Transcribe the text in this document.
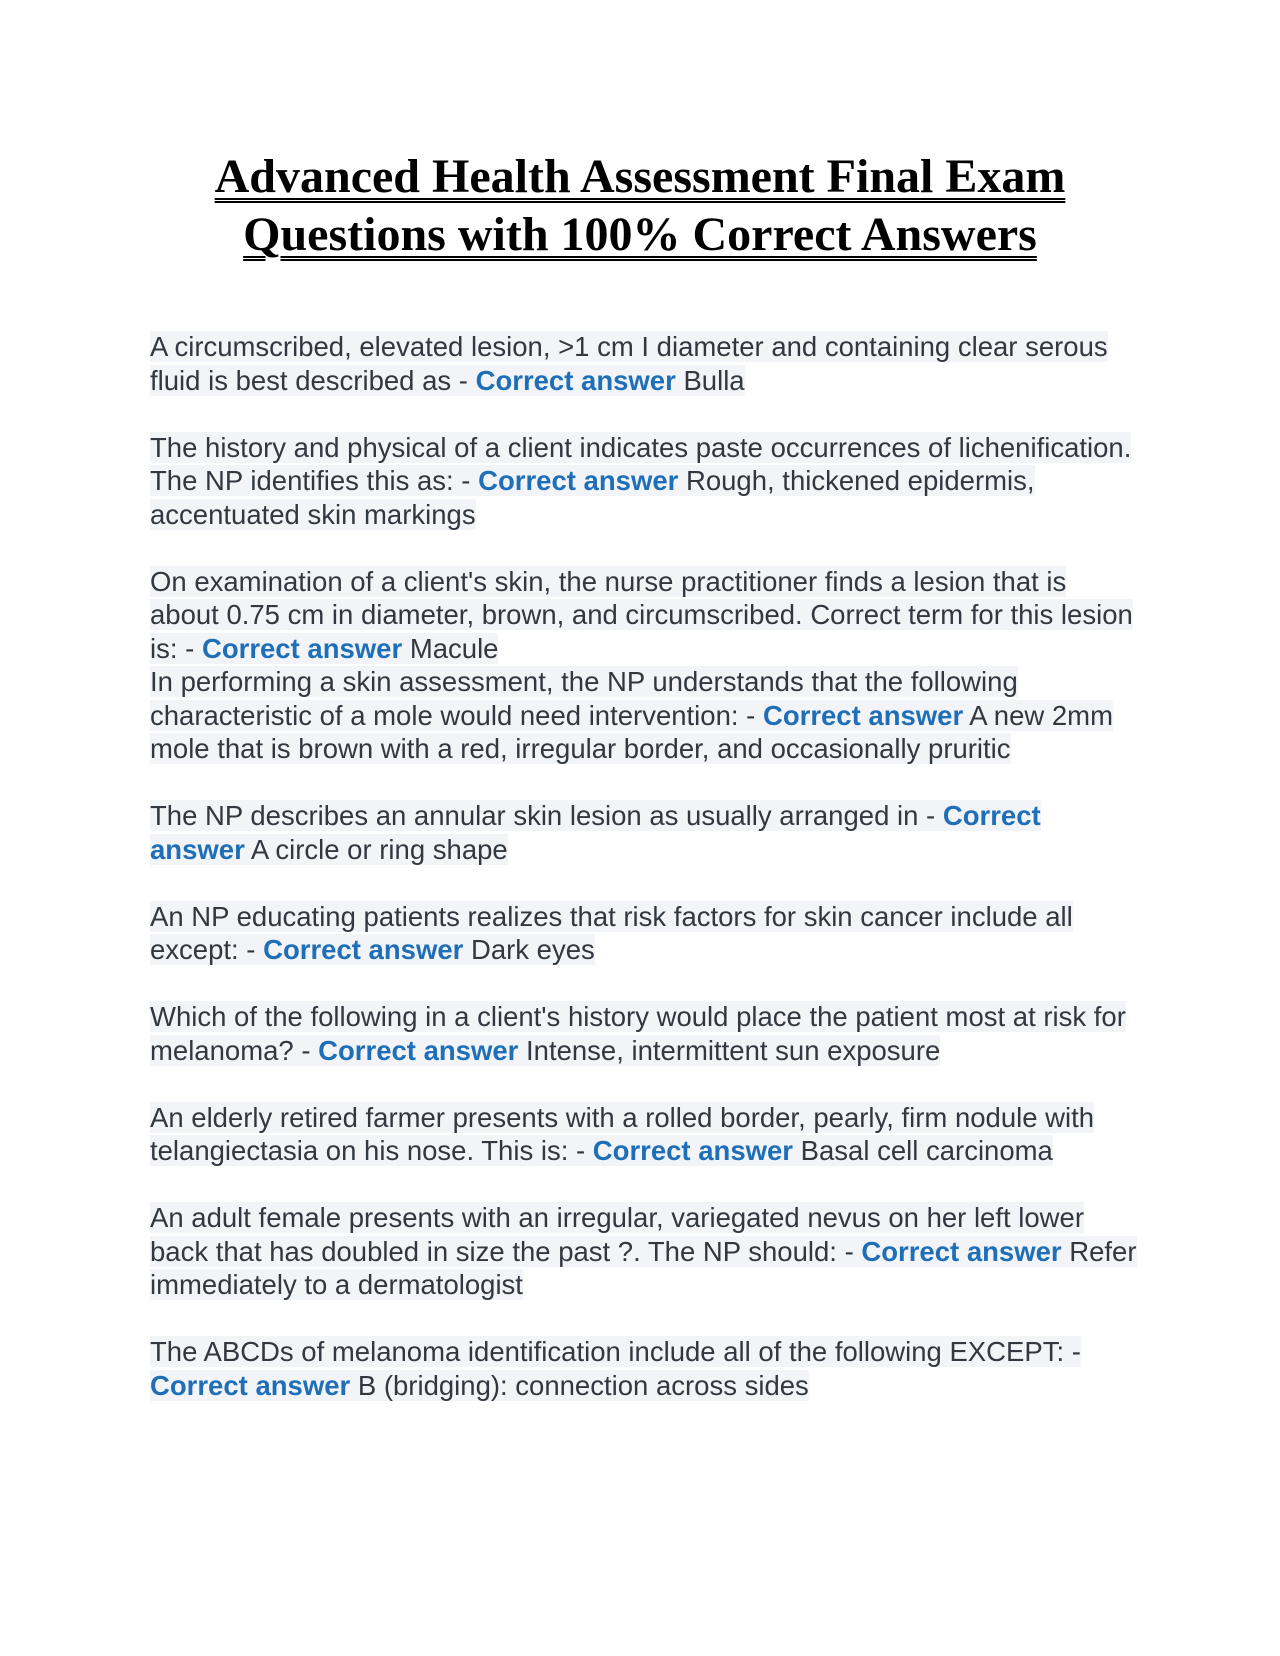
Advanced Health Assessment Final Exam
Questions with 100% Correct Answers

A circumscribed, elevated lesion, >1 cm I diameter and containing clear serous fluid is best described as - Correct answer Bulla

The history and physical of a client indicates paste occurrences of lichenification. The NP identifies this as: - Correct answer Rough, thickened epidermis, accentuated skin markings

On examination of a client's skin, the nurse practitioner finds a lesion that is about 0.75 cm in diameter, brown, and circumscribed. Correct term for this lesion is: - Correct answer Macule

In performing a skin assessment, the NP understands that the following characteristic of a mole would need intervention: - Correct answer A new 2mm mole that is brown with a red, irregular border, and occasionally pruritic

The NP describes an annular skin lesion as usually arranged in - Correct answer A circle or ring shape

An NP educating patients realizes that risk factors for skin cancer include all except: - Correct answer Dark eyes

Which of the following in a client's history would place the patient most at risk for melanoma? - Correct answer Intense, intermittent sun exposure

An elderly retired farmer presents with a rolled border, pearly, firm nodule with telangiectasia on his nose. This is: - Correct answer Basal cell carcinoma

An adult female presents with an irregular, variegated nevus on her left lower back that has doubled in size the past ?. The NP should: - Correct answer Refer immediately to a dermatologist

The ABCDs of melanoma identification include all of the following EXCEPT: - Correct answer B (bridging): connection across sides
